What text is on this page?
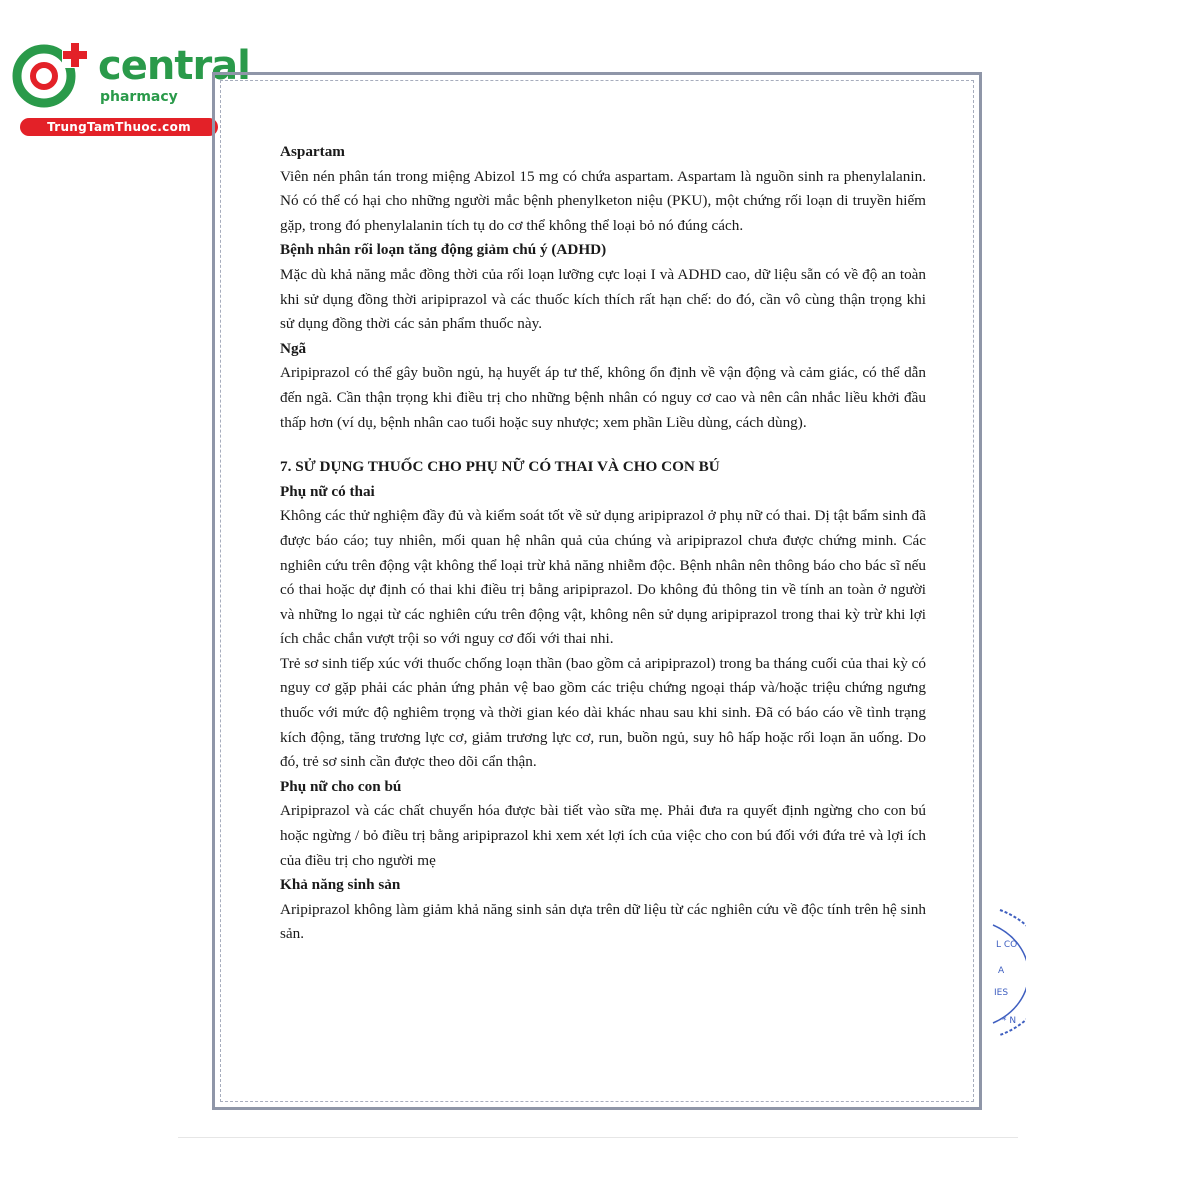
central
pharmacy
TrungTamThuoc.com
L CO
A
IES
* N
Aspartam

Viên nén phân tán trong miệng Abizol 15 mg có chứa aspartam. Aspartam là nguồn sinh ra phenylalanin. Nó có thể có hại cho những người mắc bệnh phenylketon niệu (PKU), một chứng rối loạn di truyền hiếm gặp, trong đó phenylalanin tích tụ do cơ thể không thể loại bỏ nó đúng cách.

Bệnh nhân rối loạn tăng động giảm chú ý (ADHD)

Mặc dù khả năng mắc đồng thời của rối loạn lưỡng cực loại I và ADHD cao, dữ liệu sẵn có về độ an toàn khi sử dụng đồng thời aripiprazol và các thuốc kích thích rất hạn chế: do đó, cần vô cùng thận trọng khi sử dụng đồng thời các sản phẩm thuốc này.

Ngã

Aripiprazol có thể gây buồn ngủ, hạ huyết áp tư thế, không ổn định về vận động và cảm giác, có thể dẫn đến ngã. Cần thận trọng khi điều trị cho những bệnh nhân có nguy cơ cao và nên cân nhắc liều khởi đầu thấp hơn (ví dụ, bệnh nhân cao tuổi hoặc suy nhược; xem phần Liều dùng, cách dùng).

7. SỬ DỤNG THUỐC CHO PHỤ NỮ CÓ THAI VÀ CHO CON BÚ
Phụ nữ có thai

Không các thử nghiệm đầy đủ và kiểm soát tốt về sử dụng aripiprazol ở phụ nữ có thai. Dị tật bẩm sinh đã được báo cáo; tuy nhiên, mối quan hệ nhân quả của chúng và aripiprazol chưa được chứng minh. Các nghiên cứu trên động vật không thể loại trừ khả năng nhiễm độc. Bệnh nhân nên thông báo cho bác sĩ nếu có thai hoặc dự định có thai khi điều trị bằng aripiprazol. Do không đủ thông tin về tính an toàn ở người và những lo ngại từ các nghiên cứu trên động vật, không nên sử dụng aripiprazol trong thai kỳ trừ khi lợi ích chắc chắn vượt trội so với nguy cơ đối với thai nhi.

Trẻ sơ sinh tiếp xúc với thuốc chống loạn thần (bao gồm cả aripiprazol) trong ba tháng cuối của thai kỳ có nguy cơ gặp phải các phản ứng phản vệ bao gồm các triệu chứng ngoại tháp và/hoặc triệu chứng ngưng thuốc với mức độ nghiêm trọng và thời gian kéo dài khác nhau sau khi sinh. Đã có báo cáo về tình trạng kích động, tăng trương lực cơ, giảm trương lực cơ, run, buồn ngủ, suy hô hấp hoặc rối loạn ăn uống. Do đó, trẻ sơ sinh cần được theo dõi cẩn thận.

Phụ nữ cho con bú

Aripiprazol và các chất chuyển hóa được bài tiết vào sữa mẹ. Phải đưa ra quyết định ngừng cho con bú hoặc ngừng / bỏ điều trị bằng aripiprazol khi xem xét lợi ích của việc cho con bú đối với đứa trẻ và lợi ích của điều trị cho người mẹ

Khả năng sinh sản

Aripiprazol không làm giảm khả năng sinh sản dựa trên dữ liệu từ các nghiên cứu về độc tính trên hệ sinh sản.
